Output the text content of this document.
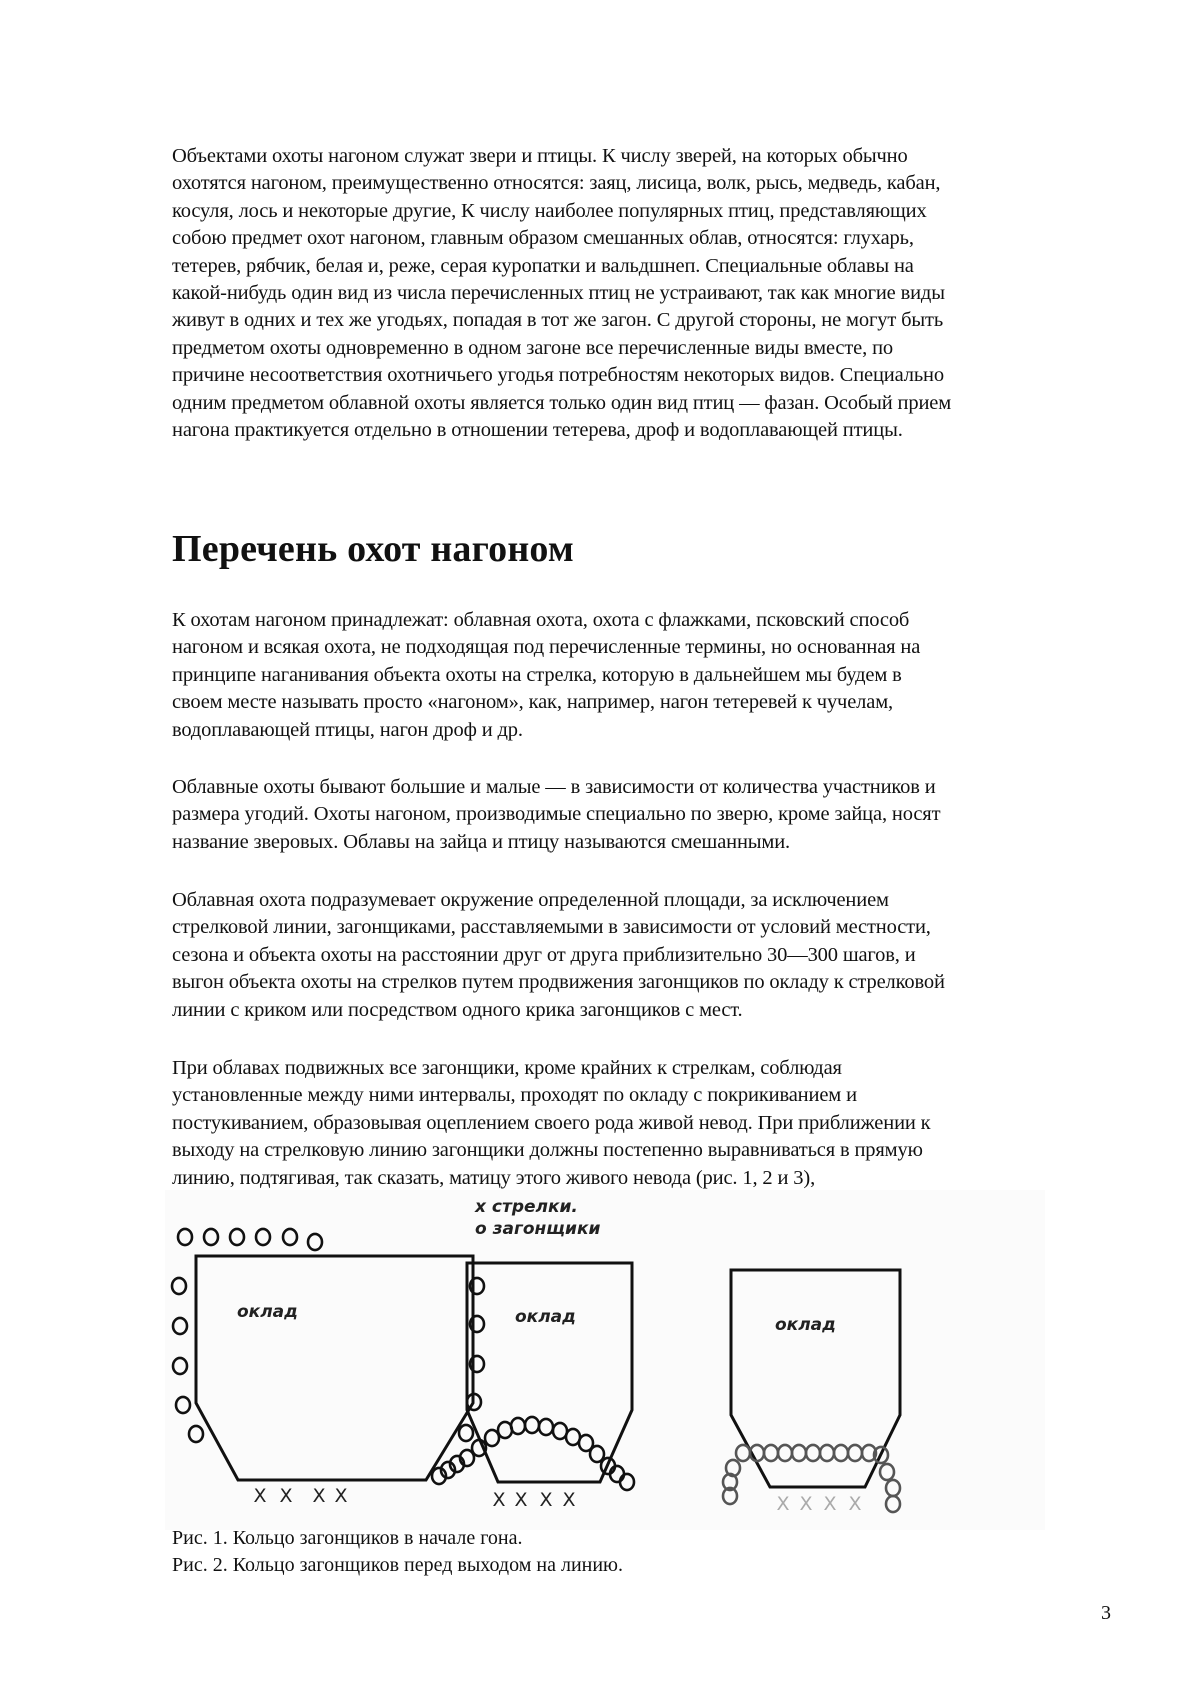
Объектами охоты нагоном служат звери и птицы. К числу зверей, на которых обычно
охотятся нагоном, преимущественно относятся: заяц, лисица, волк, рысь, медведь, кабан,
косуля, лось и некоторые другие, К числу наиболее популярных птиц, представляющих
собою предмет охот нагоном, главным образом смешанных облав, относятся: глухарь,
тетерев, рябчик, белая и, реже, серая куропатки и вальдшнеп. Специальные облавы на
какой-нибудь один вид из числа перечисленных птиц не устраивают, так как многие виды
живут в одних и тех же угодьях, попадая в тот же загон. С другой стороны, не могут быть
предметом охоты одновременно в одном загоне все перечисленные виды вместе, по
причине несоответствия охотничьего угодья потребностям некоторых видов. Специально
одним предметом облавной охоты является только один вид птиц — фазан. Особый прием
нагона практикуется отдельно в отношении тетерева, дроф и водоплавающей птицы.

Перечень охот нагоном

К охотам нагоном принадлежат: облавная охота, охота с флажками, псковский способ
нагоном и всякая охота, не подходящая под перечисленные термины, но основанная на
принципе наганивания объекта охоты на стрелка, которую в дальнейшем мы будем в
своем месте называть просто «нагоном», как, например, нагон тетеревей к чучелам,
водоплавающей птицы, нагон дроф и др.

Облавные охоты бывают большие и малые — в зависимости от количества участников и
размера угодий. Охоты нагоном, производимые специально по зверю, кроме зайца, носят
название зверовых. Облавы на зайца и птицу называются смешанными.

Облавная охота подразумевает окружение определенной площади, за исключением
стрелковой линии, загонщиками, расставляемыми в зависимости от условий местности,
сезона и объекта охоты на расстоянии друг от друга приблизительно 30—300 шагов, и
выгон объекта охоты на стрелков путем продвижения загонщиков по окладу к стрелковой
линии с криком или посредством одного крика загонщиков с мест.

При облавах подвижных все загонщики, кроме крайних к стрелкам, соблюдая
установленные между ними интервалы, проходят по окладу с покрикиванием и
постукиванием, образовывая оцеплением своего рода живой невод. При приближении к
выходу на стрелковую линию загонщики должны постепенно выравниваться в прямую
линию, подтягивая, так сказать, матицу этого живого невода (рис. 1, 2 и 3),

х стрелки.
о загонщики
оклад
X X X X
оклад
X X X X
оклад
X X X X
Рис. 1. Кольцо загонщиков в начале гона.
Рис. 2. Кольцо загонщиков перед выходом на линию.
3
